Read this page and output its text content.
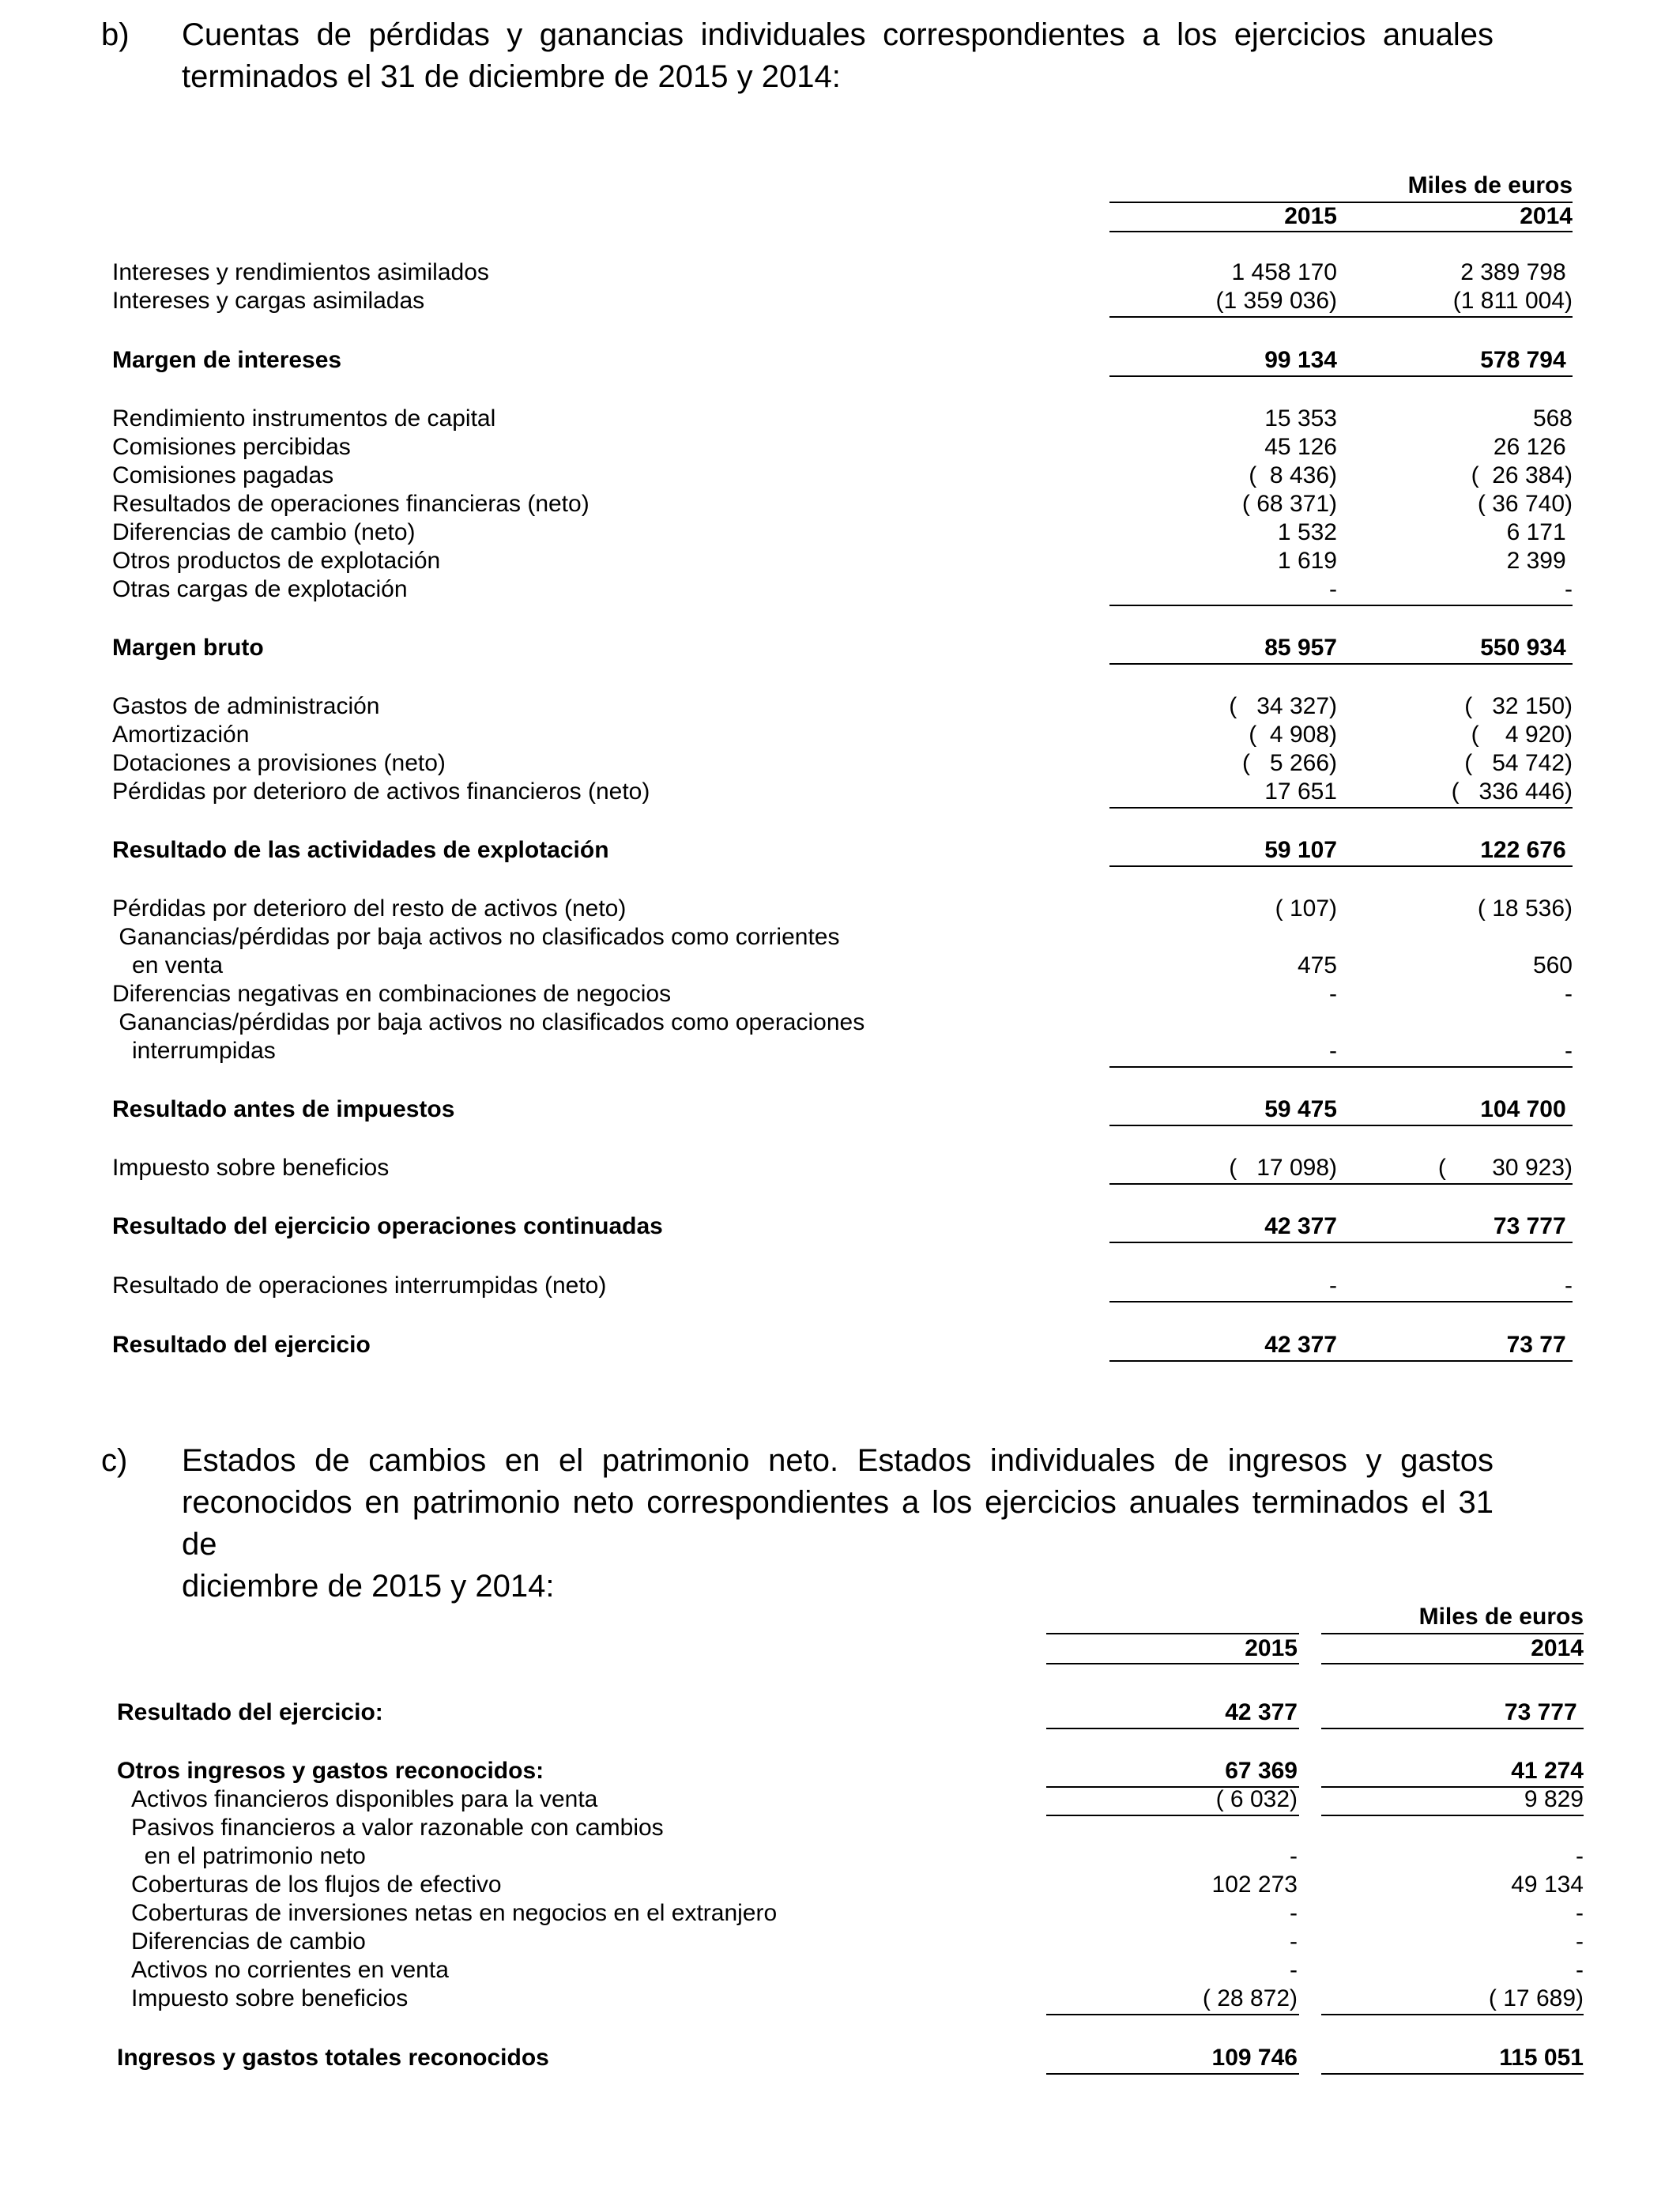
b) Cuentas de pérdidas y ganancias individuales correspondientes a los ejercicios anuales
terminados el 31 de diciembre de 2015 y 2014:
Miles de euros
2015	2014
Intereses y rendimientos asimilados	1 458 170	2 389 798
Intereses y cargas asimiladas	(1 359 036)	(1 811 004)
Margen de intereses	99 134	578 794
Rendimiento instrumentos de capital	15 353	568
Comisiones percibidas	45 126	26 126
Comisiones pagadas	(  8 436)	(  26 384)
Resultados de operaciones financieras (neto)	( 68 371)	( 36 740)
Diferencias de cambio (neto)	1 532	6 171
Otros productos de explotación	1 619	2 399
Otras cargas de explotación	-	-
Margen bruto	85 957	550 934
Gastos de administración	(   34 327)	(   32 150)
Amortización	(  4 908)	(    4 920)
Dotaciones a provisiones (neto)	(   5 266)	(   54 742)
Pérdidas por deterioro de activos financieros (neto)	17 651	(   336 446)
Resultado de las actividades de explotación	59 107	122 676
Pérdidas por deterioro del resto de activos (neto)	( 107)	( 18 536)
Ganancias/pérdidas por baja activos no clasificados como corrientes
en venta	475	560
Diferencias negativas en combinaciones de negocios	-	-
Ganancias/pérdidas por baja activos no clasificados como operaciones
interrumpidas	-	-
Resultado antes de impuestos	59 475	104 700
Impuesto sobre beneficios	(   17 098)	(       30 923)
Resultado del ejercicio operaciones continuadas	42 377	73 777
Resultado de operaciones interrumpidas (neto)	-	-
Resultado del ejercicio	42 377	73 77
c) Estados de cambios en el patrimonio neto. Estados individuales de ingresos y gastos
reconocidos en patrimonio neto correspondientes a los ejercicios anuales terminados el 31 de
diciembre de 2015 y 2014:
Miles de euros
2015	2014
Resultado del ejercicio:	42 377	73 777
Otros ingresos y gastos reconocidos:	67 369	41 274
Activos financieros disponibles para la venta	( 6 032)	9 829
Pasivos financieros a valor razonable con cambios
en el patrimonio neto	-	-
Coberturas de los flujos de efectivo	102 273	49 134
Coberturas de inversiones netas en negocios en el extranjero	-	-
Diferencias de cambio	-	-
Activos no corrientes en venta	-	-
Impuesto sobre beneficios	( 28 872)	( 17 689)
Ingresos y gastos totales reconocidos	109 746	115 051
